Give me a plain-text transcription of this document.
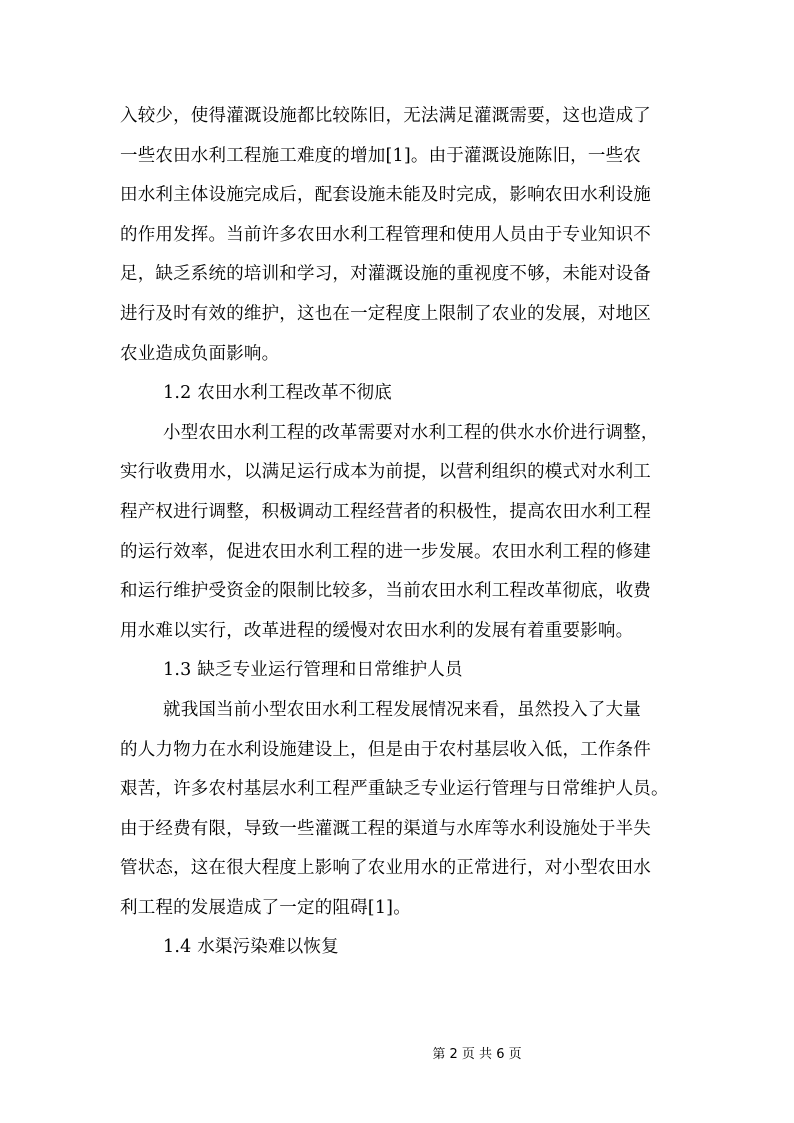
入较少，使得灌溉设施都比较陈旧，无法满足灌溉需要，这也造成了
一些农田水利工程施工难度的增加[1]。由于灌溉设施陈旧，一些农
田水利主体设施完成后，配套设施未能及时完成，影响农田水利设施
的作用发挥。当前许多农田水利工程管理和使用人员由于专业知识不
足，缺乏系统的培训和学习，对灌溉设施的重视度不够，未能对设备
进行及时有效的维护，这也在一定程度上限制了农业的发展，对地区
农业造成负面影响。
1.2 农田水利工程改革不彻底
小型农田水利工程的改革需要对水利工程的供水水价进行调整，
实行收费用水，以满足运行成本为前提，以营利组织的模式对水利工
程产权进行调整，积极调动工程经营者的积极性，提高农田水利工程
的运行效率，促进农田水利工程的进一步发展。农田水利工程的修建
和运行维护受资金的限制比较多，当前农田水利工程改革彻底，收费
用水难以实行，改革进程的缓慢对农田水利的发展有着重要影响。
1.3 缺乏专业运行管理和日常维护人员
就我国当前小型农田水利工程发展情况来看，虽然投入了大量
的人力物力在水利设施建设上，但是由于农村基层收入低，工作条件
艰苦，许多农村基层水利工程严重缺乏专业运行管理与日常维护人员。
由于经费有限，导致一些灌溉工程的渠道与水库等水利设施处于半失
管状态，这在很大程度上影响了农业用水的正常进行，对小型农田水
利工程的发展造成了一定的阻碍[1]。
1.4 水渠污染难以恢复
第 2 页 共 6 页
